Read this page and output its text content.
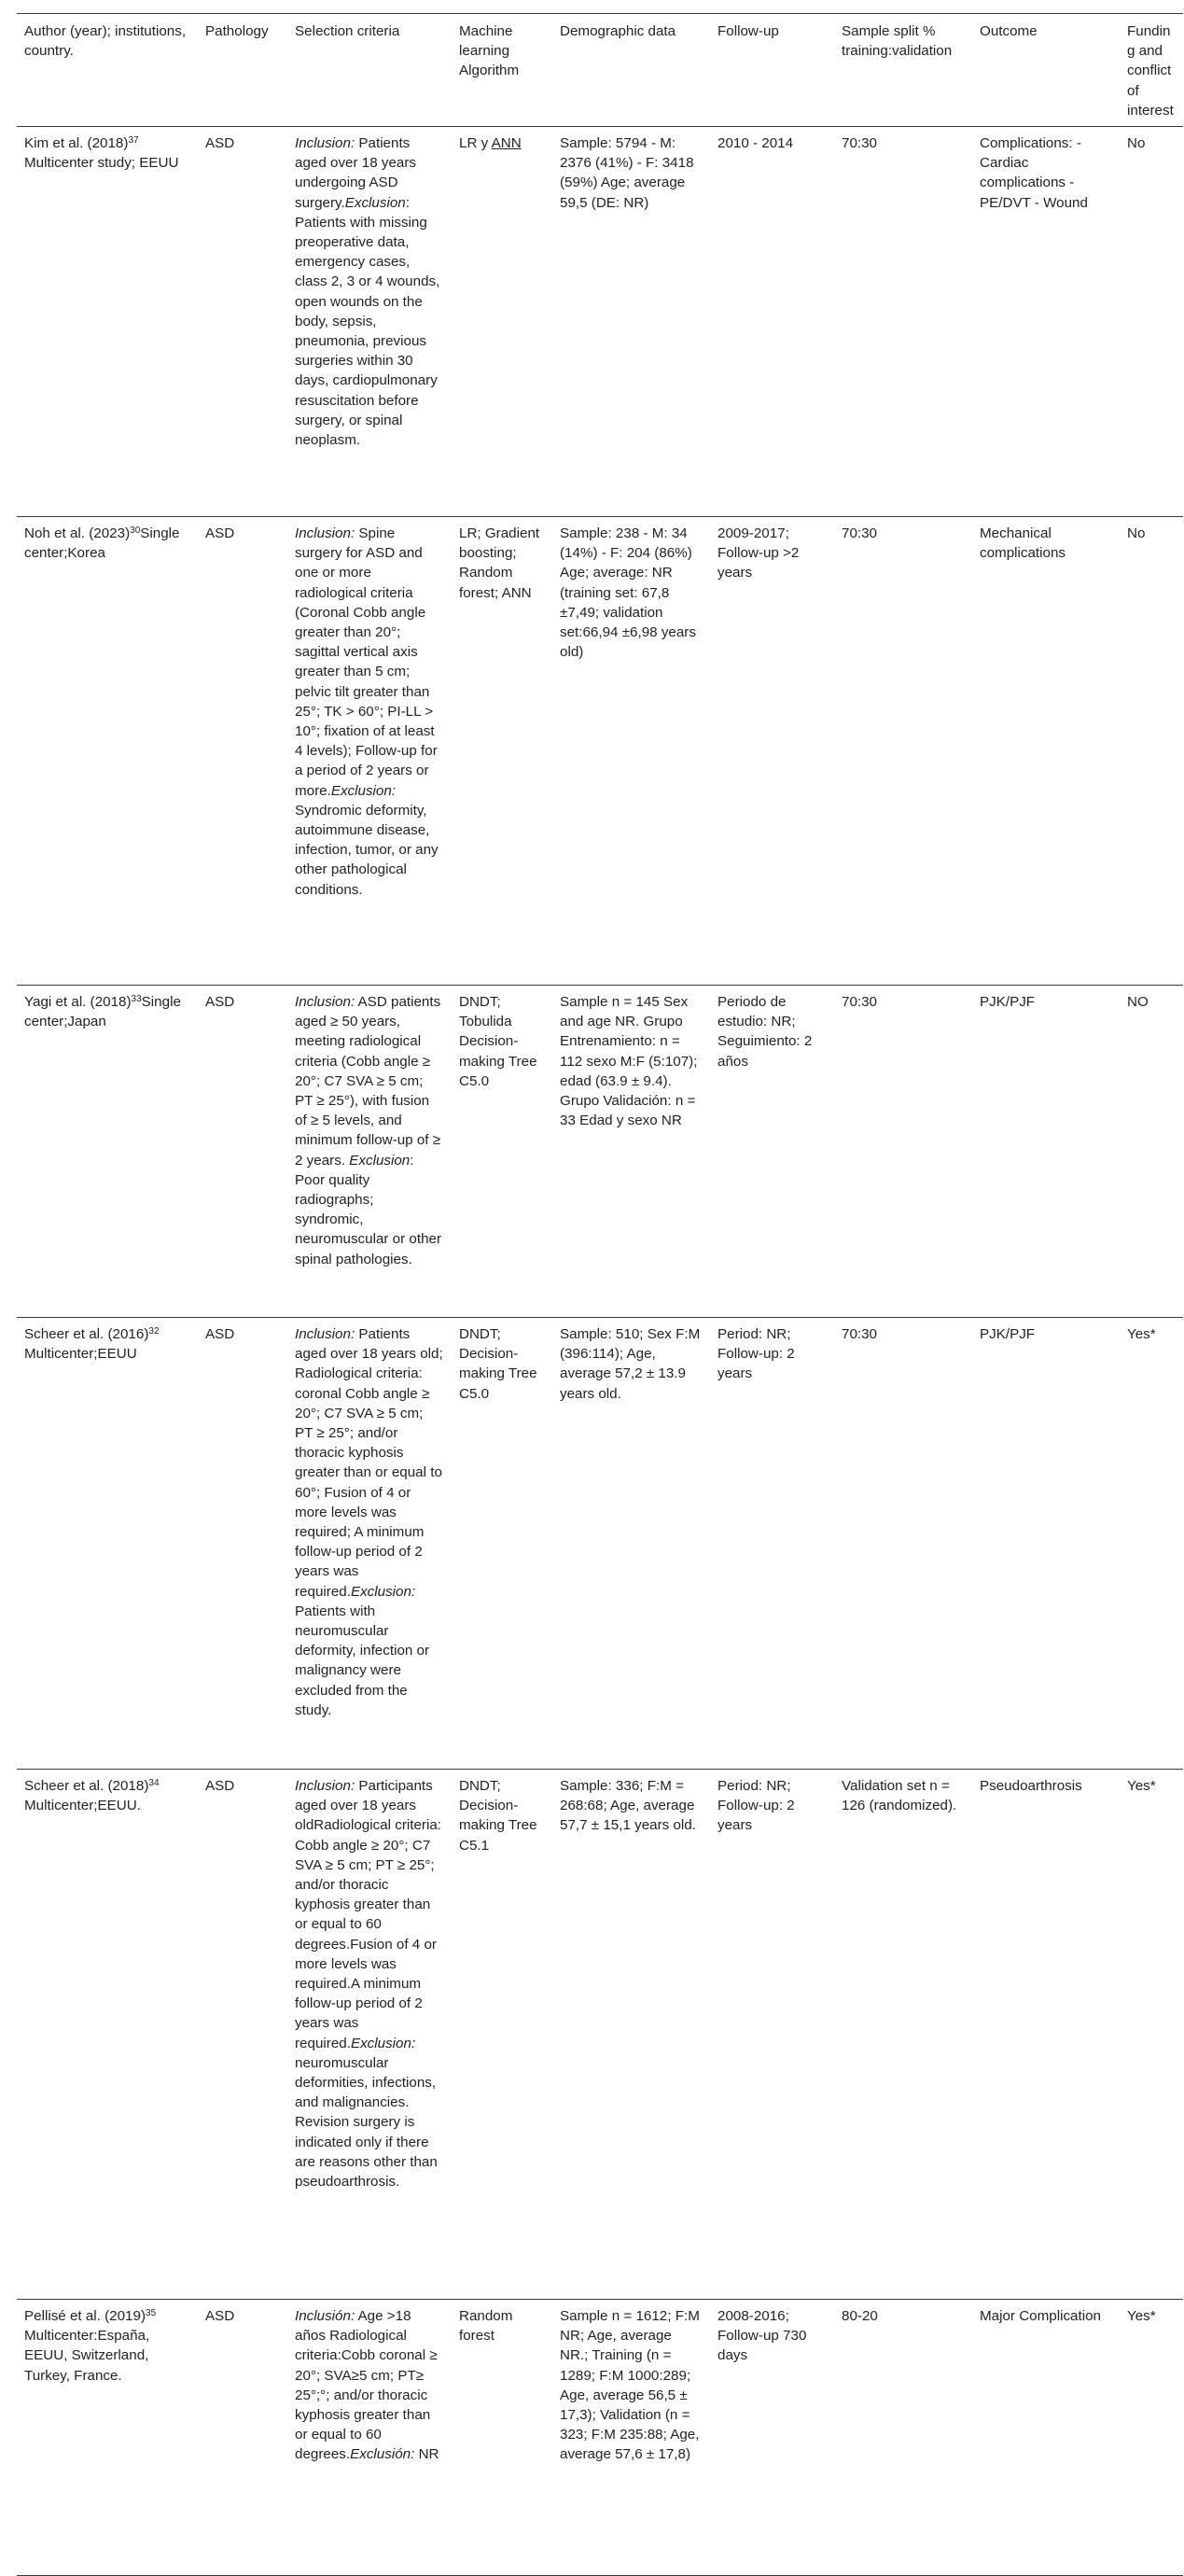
Author (year); institutions, country.	Pathology	Selection criteria	Machine learning Algorithm	Demographic data	Follow-up	Sample split % training:validation	Outcome	Funding and conflict of interest
Kim et al. $(2018)^{37}$ Multicenter study; EEUU	ASD	Inclusion: Patients aged over 18 years undergoing ASD surgery.Exclusion: Patients with missing preoperative data, emergency cases, class 2, 3 or 4 wounds, open wounds on the body, sepsis, pneumonia, previous surgeries within 30 days, cardiopulmonary resuscitation before surgery, or spinal neoplasm.	LR y ANN	Sample: 5794 - M: 2376 (41%) - F: 3418 (59%) Age; average 59,5 (DE: NR)	2010 - 2014	70:30	Complications: - Cardiac complications - PE/DVT - Wound	No
Noh et al. $(2023)^{30}Single$ center;Korea	ASD	Inclusion: Spine surgery for ASD and one or more radiological criteria (Coronal Cobb angle greater than 20°; sagittal vertical axis greater than 5 cm; pelvic tilt greater than 25°; TK > 60°; PI-LL > 10°; fixation of at least 4 levels); Follow-up for a period of 2 years or more.Exclusion: Syndromic deformity, autoimmune disease, infection, tumor, or any other pathological conditions.	LR; Gradient boosting; Random forest; ANN	Sample: 238 - M: 34 (14%) - F: 204 (86%) Age; average: NR (training set: 67,8 ±7,49; validation set:66,94 ±6,98 years old)	2009-2017; Follow-up >2 years	70:30	Mechanical complications	No
Yagi et al. $(2018)^{33}Single$ center;Japan	ASD	Inclusion: ASD patients aged ≥ 50 years, meeting radiological criteria (Cobb angle ≥ 20°; C7 SVA ≥ 5 cm; PT ≥ 25°), with fusion of ≥ 5 levels, and minimum follow-up of ≥ 2 years. Exclusion: Poor quality radiographs; syndromic, neuromuscular or other spinal pathologies.	DNDT; Tobulida Decision-making Tree C5.0	Sample n = 145 Sex and age NR. Grupo Entrenamiento: n = 112 sexo M:F (5:107); edad (63.9 ± 9.4). Grupo Validación: n = 33 Edad y sexo NR	Periodo de estudio: NR; Seguimiento: 2 años	70:30	PJK/PJF	NO
Scheer et al. $(2016)^{32}$ Multicenter;EEUU	ASD	Inclusion: Patients aged over 18 years old; Radiological criteria: coronal Cobb angle ≥ 20°; C7 SVA ≥ 5 cm; PT ≥ 25°; and/or thoracic kyphosis greater than or equal to 60°; Fusion of 4 or more levels was required; A minimum follow-up period of 2 years was required.Exclusion: Patients with neuromuscular deformity, infection or malignancy were excluded from the study.	DNDT; Decision-making Tree C5.0	Sample: 510; Sex F:M (396:114); Age, average 57,2 ± 13.9 years old.	Period: NR; Follow-up: 2 years	70:30	PJK/PJF	Yes*
Scheer et al. $(2018)^{34}$ Multicenter;EEUU.	ASD	Inclusion: Participants aged over 18 years oldRadiological criteria: Cobb angle ≥ 20°; C7 SVA ≥ 5 cm; PT ≥ 25°; and/or thoracic kyphosis greater than or equal to 60 degrees.Fusion of 4 or more levels was required.A minimum follow-up period of 2 years was required.Exclusion: neuromuscular deformities, infections, and malignancies. Revision surgery is indicated only if there are reasons other than pseudoarthrosis.	DNDT; Decision-making Tree C5.1	Sample: 336; F:M = 268:68; Age, average 57,7 ± 15,1 years old.	Period: NR; Follow-up: 2 years	Validation set n = 126 (randomized).	Pseudoarthrosis	Yes*
Pellisé et al. $(2019)^{35}$ Multicenter:España, EEUU, Switzerland, Turkey, France.	ASD	Inclusión: Age >18 años Radiological criteria:Cobb coronal ≥ 20°; SVA≥5 cm; PT≥ 25°;°; and/or thoracic kyphosis greater than or equal to 60 degrees.Exclusión: NR	Random forest	Sample n = 1612; F:M NR; Age, average NR.; Training (n = 1289; F:M 1000:289; Age, average 56,5 ± 17,3); Validation (n = 323; F:M 235:88; Age, average 57,6 ± 17,8)	2008-2016; Follow-up 730 days	80-20	Major Complication	Yes*
